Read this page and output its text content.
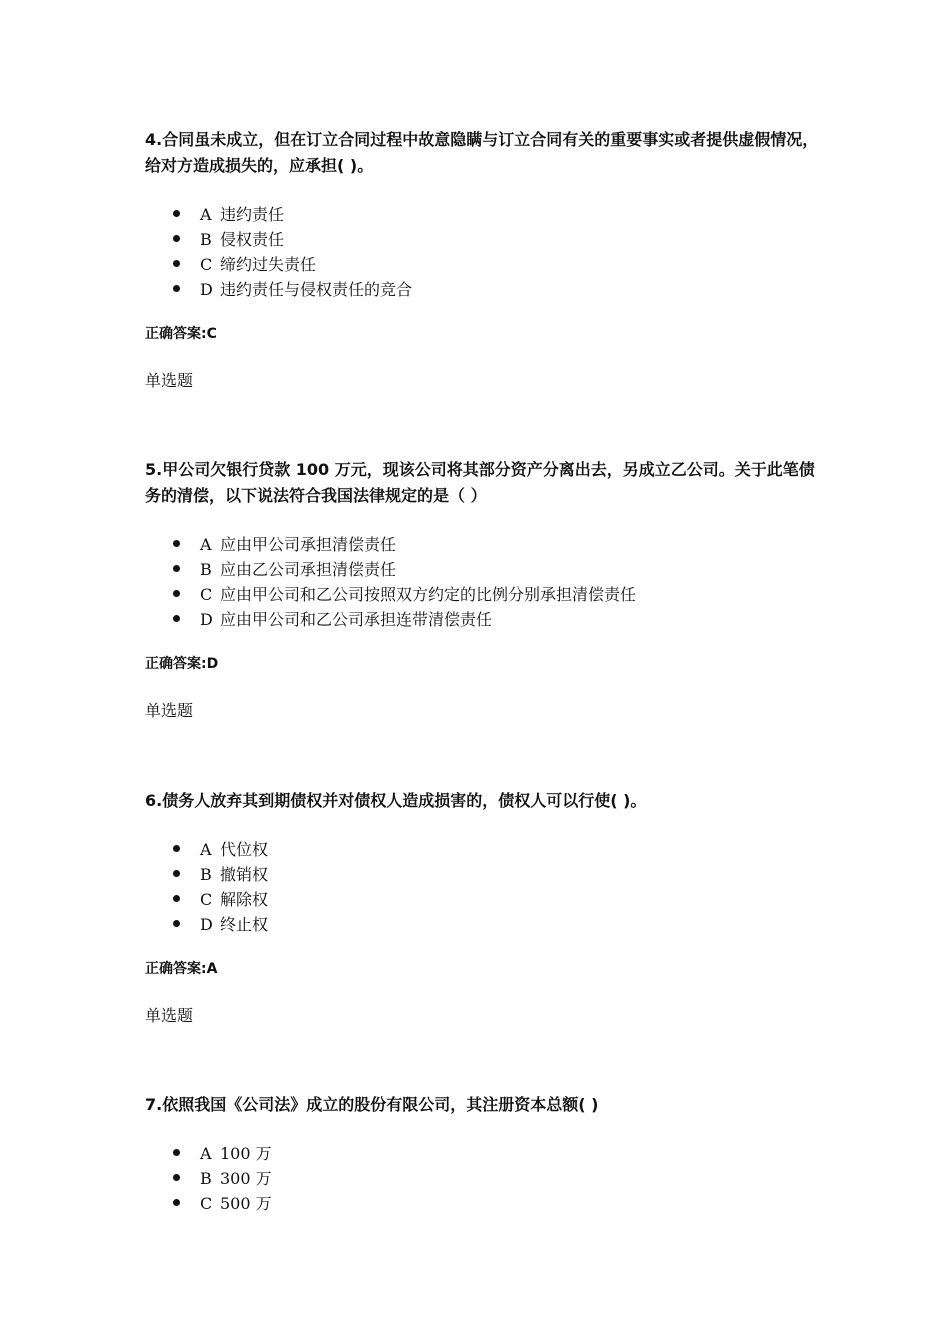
4.合同虽未成立，但在订立合同过程中故意隐瞒与订立合同有关的重要事实或者提供虚假情况，给对方造成损失的，应承担( )。

A 违约责任
B 侵权责任
C 缔约过失责任
D 违约责任与侵权责任的竞合

正确答案:C

单选题

5.甲公司欠银行贷款 100 万元，现该公司将其部分资产分离出去，另成立乙公司。关于此笔债务的清偿，以下说法符合我国法律规定的是（ ）

A 应由甲公司承担清偿责任
B 应由乙公司承担清偿责任
C 应由甲公司和乙公司按照双方约定的比例分别承担清偿责任
D 应由甲公司和乙公司承担连带清偿责任

正确答案:D

单选题

6.债务人放弃其到期债权并对债权人造成损害的，债权人可以行使( )。

A 代位权
B 撤销权
C 解除权
D 终止权

正确答案:A

单选题

7.依照我国《公司法》成立的股份有限公司，其注册资本总额( )

A 100 万
B 300 万
C 500 万
